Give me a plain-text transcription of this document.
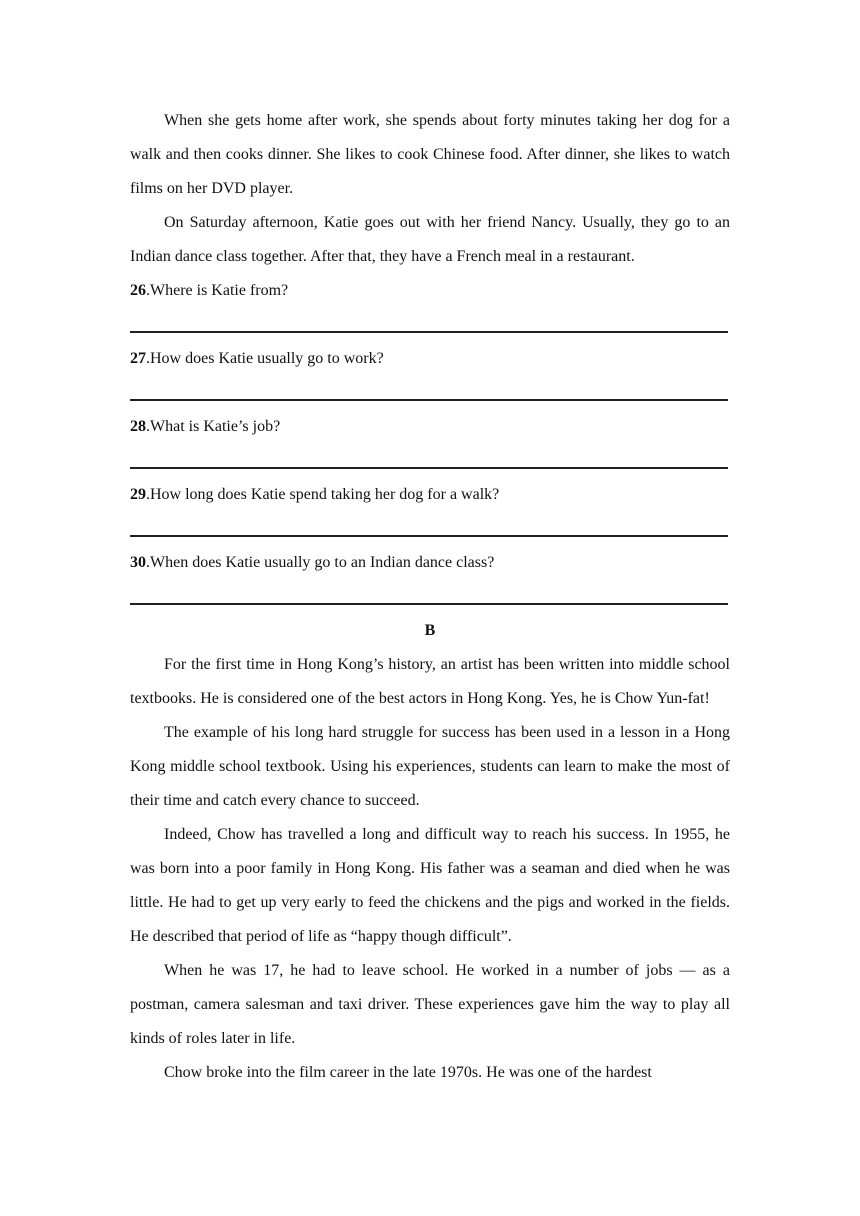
When she gets home after work, she spends about forty minutes taking her dog for a walk and then cooks dinner. She likes to cook Chinese food. After dinner, she likes to watch films on her DVD player.

On Saturday afternoon, Katie goes out with her friend Nancy. Usually, they go to an Indian dance class together. After that, they have a French meal in a restaurant.

26.Where is Katie from?
27.How does Katie usually go to work?
28.What is Katie’s job?
29.How long does Katie spend taking her dog for a walk?
30.When does Katie usually go to an Indian dance class?

B

For the first time in Hong Kong’s history, an artist has been written into middle school textbooks. He is considered one of the best actors in Hong Kong. Yes, he is Chow Yun-fat!

The example of his long hard struggle for success has been used in a lesson in a Hong Kong middle school textbook. Using his experiences, students can learn to make the most of their time and catch every chance to succeed.

Indeed, Chow has travelled a long and difficult way to reach his success. In 1955, he was born into a poor family in Hong Kong. His father was a seaman and died when he was little. He had to get up very early to feed the chickens and the pigs and worked in the fields. He described that period of life as “happy though difficult”.

When he was 17, he had to leave school. He worked in a number of jobs — as a postman, camera salesman and taxi driver. These experiences gave him the way to play all kinds of roles later in life.

Chow broke into the film career in the late 1970s. He was one of the hardest
